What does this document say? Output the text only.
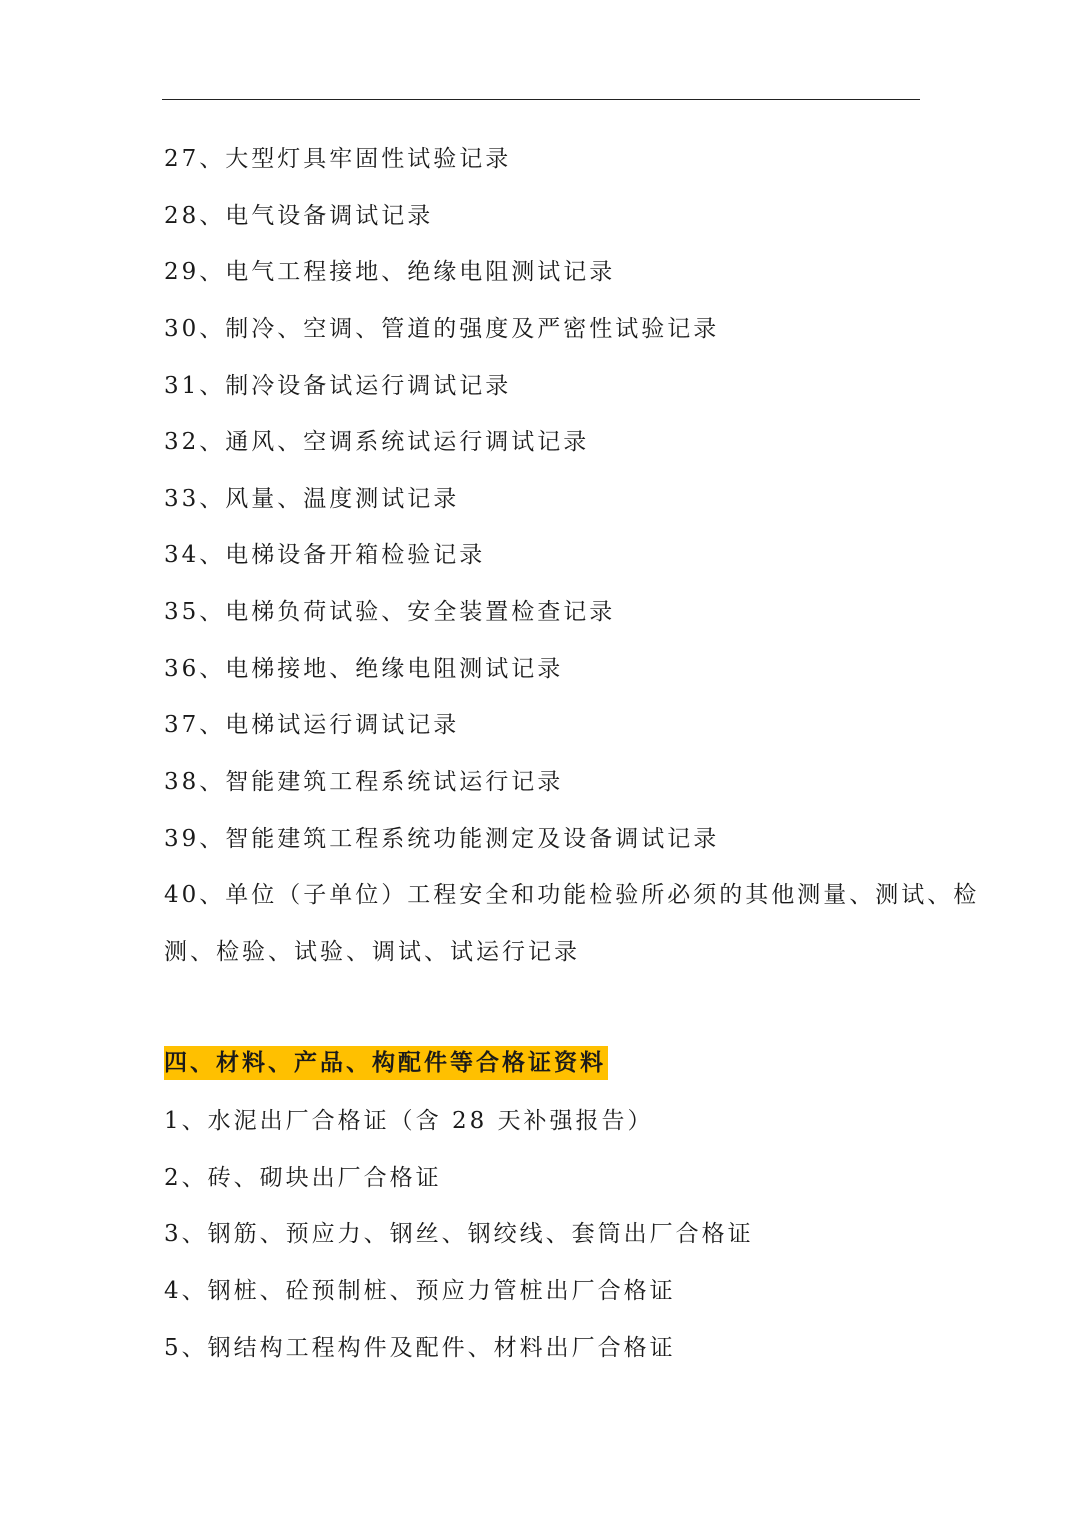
27、大型灯具牢固性试验记录
28、电气设备调试记录
29、电气工程接地、绝缘电阻测试记录
30、制冷、空调、管道的强度及严密性试验记录
31、制冷设备试运行调试记录
32、通风、空调系统试运行调试记录
33、风量、温度测试记录
34、电梯设备开箱检验记录
35、电梯负荷试验、安全装置检查记录
36、电梯接地、绝缘电阻测试记录
37、电梯试运行调试记录
38、智能建筑工程系统试运行记录
39、智能建筑工程系统功能测定及设备调试记录
40、单位（子单位）工程安全和功能检验所必须的其他测量、测试、检
测、检验、试验、调试、试运行记录
四、材料、产品、构配件等合格证资料
1、水泥出厂合格证（含 28 天补强报告）
2、砖、砌块出厂合格证
3、钢筋、预应力、钢丝、钢绞线、套筒出厂合格证
4、钢桩、砼预制桩、预应力管桩出厂合格证
5、钢结构工程构件及配件、材料出厂合格证
